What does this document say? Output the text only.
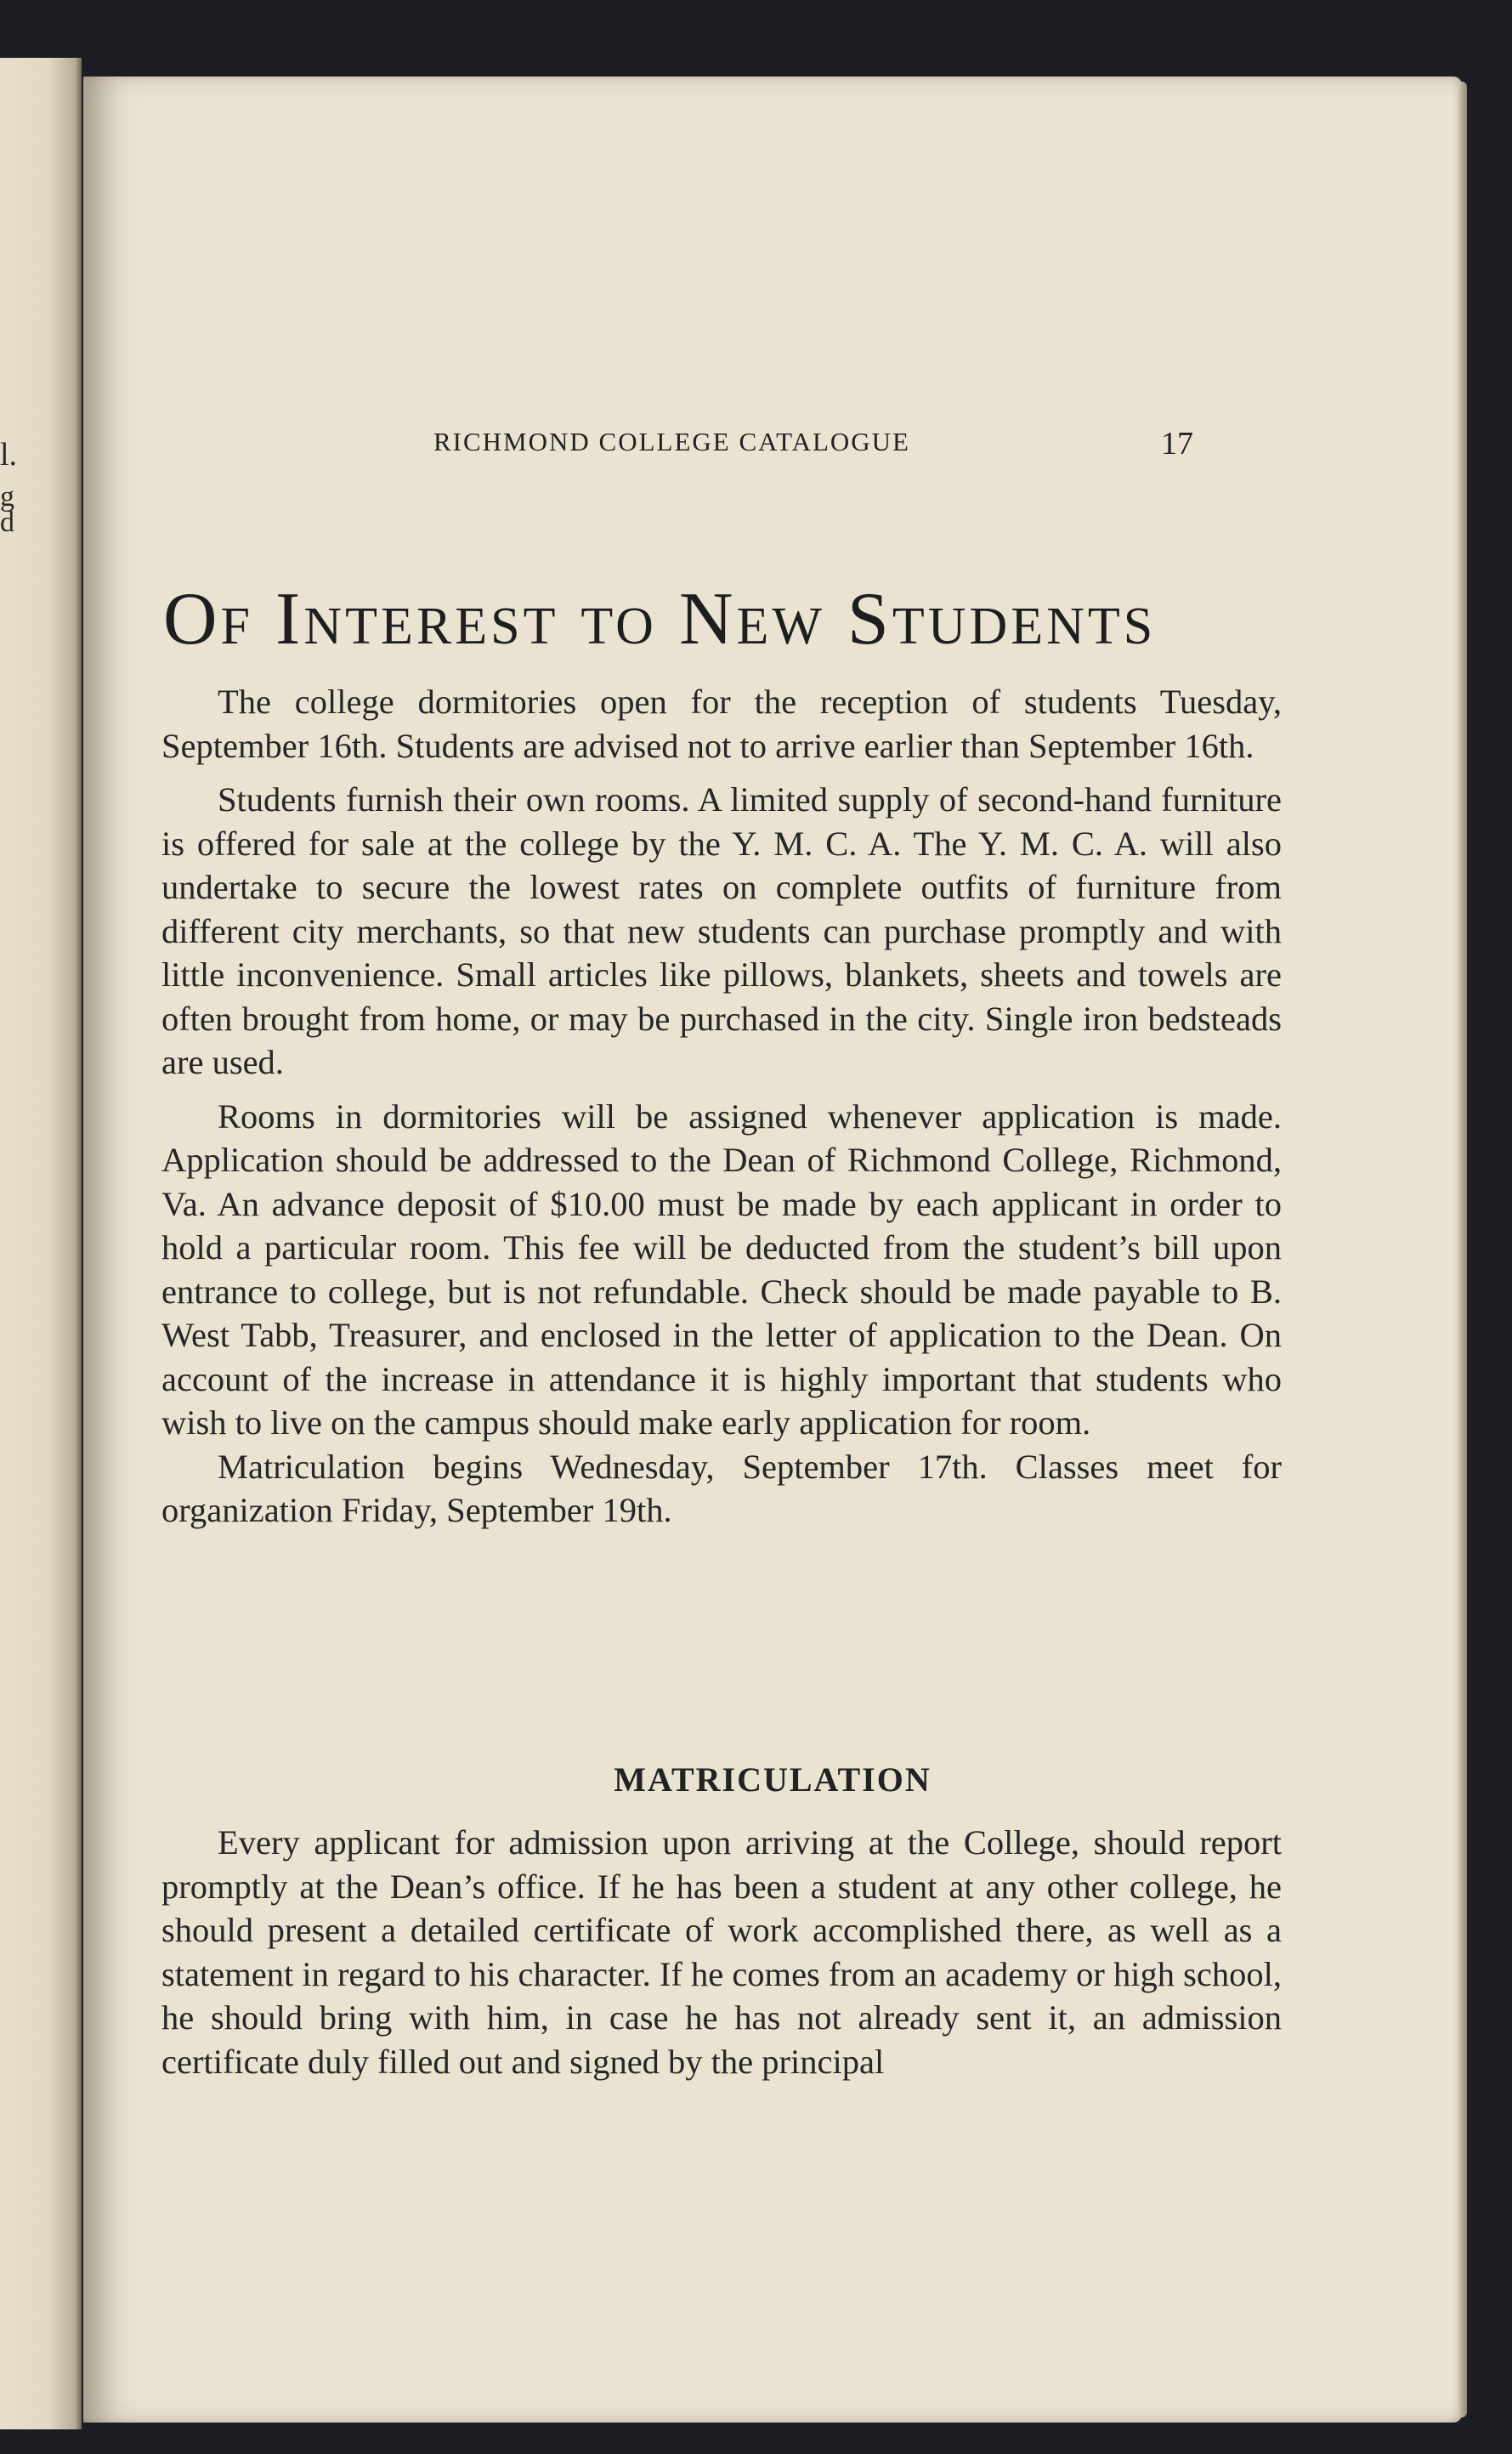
l.
g
d
RICHMOND COLLEGE CATALOGUE	17
Of Interest to New Students

The college dormitories open for the reception of students Tuesday, September 16th. Students are advised not to arrive earlier than September 16th.

Students furnish their own rooms. A limited supply of second-hand furniture is offered for sale at the college by the Y. M. C. A. The Y. M. C. A. will also undertake to secure the lowest rates on complete outfits of furniture from different city merchants, so that new students can purchase promptly and with little inconvenience. Small articles like pillows, blankets, sheets and towels are often brought from home, or may be purchased in the city. Single iron bedsteads are used.

Rooms in dormitories will be assigned whenever application is made. Application should be addressed to the Dean of Richmond College, Richmond, Va. An advance deposit of $10.00 must be made by each applicant in order to hold a particular room. This fee will be deducted from the student’s bill upon entrance to college, but is not refundable. Check should be made payable to B. West Tabb, Treasurer, and enclosed in the letter of application to the Dean. On account of the increase in attendance it is highly important that students who wish to live on the campus should make early application for room.

Matriculation begins Wednesday, September 17th. Classes meet for organization Friday, September 19th.

MATRICULATION

Every applicant for admission upon arriving at the College, should report promptly at the Dean’s office. If he has been a student at any other college, he should present a detailed certificate of work accomplished there, as well as a statement in regard to his character. If he comes from an academy or high school, he should bring with him, in case he has not already sent it, an admission certificate duly filled out and signed by the principal
